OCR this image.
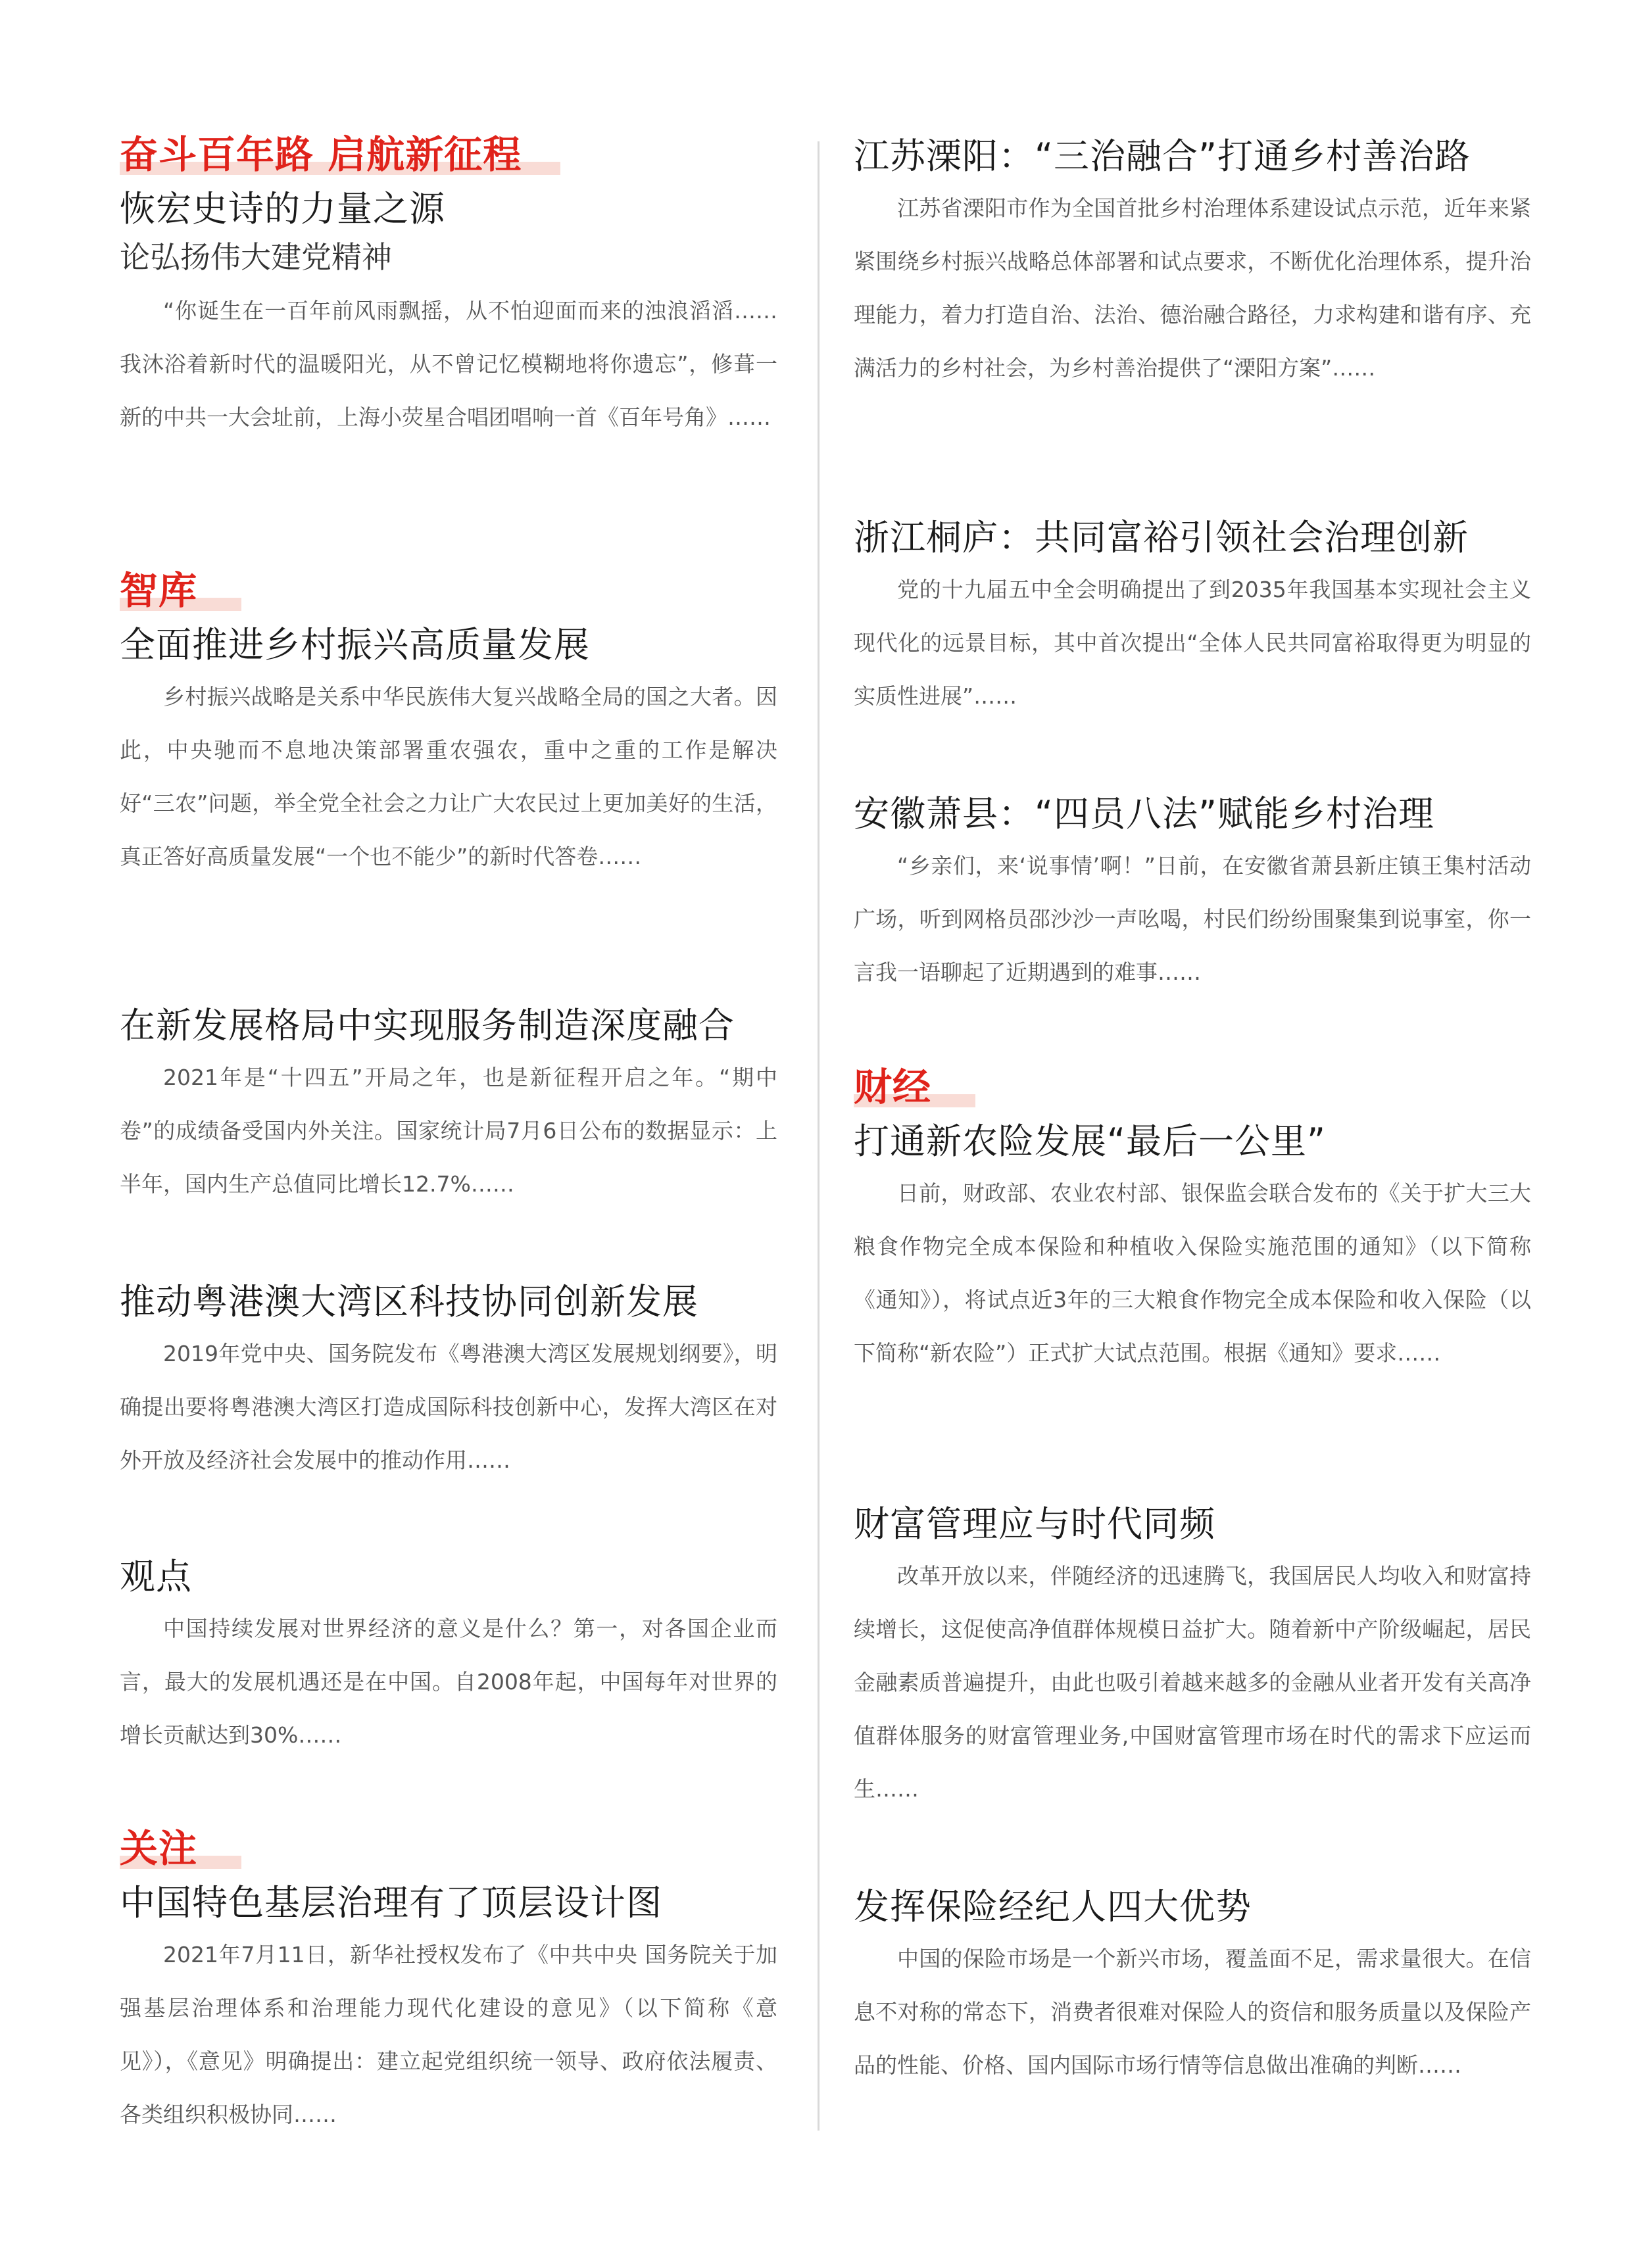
奋斗百年路 启航新征程
恢宏史诗的力量之源
论弘扬伟大建党精神

“你诞生在一百年前风雨飘摇，从不怕迎面而来的浊浪滔滔……我沐浴着新时代的温暖阳光，从不曾记忆模糊地将你遗忘”，修葺一新的中共一大会址前，上海小荧星合唱团唱响一首《百年号角》……

智库
全面推进乡村振兴高质量发展

乡村振兴战略是关系中华民族伟大复兴战略全局的国之大者。因此，中央驰而不息地决策部署重农强农，重中之重的工作是解决好“三农”问题，举全党全社会之力让广大农民过上更加美好的生活，真正答好高质量发展“一个也不能少”的新时代答卷……

在新发展格局中实现服务制造深度融合

2021年是“十四五”开局之年，也是新征程开启之年。“期中卷”的成绩备受国内外关注。国家统计局7月6日公布的数据显示：上半年，国内生产总值同比增长12.7%……

推动粤港澳大湾区科技协同创新发展

2019年党中央、国务院发布《粤港澳大湾区发展规划纲要》，明确提出要将粤港澳大湾区打造成国际科技创新中心，发挥大湾区在对外开放及经济社会发展中的推动作用……

观点

中国持续发展对世界经济的意义是什么？第一，对各国企业而言，最大的发展机遇还是在中国。自2008年起，中国每年对世界的增长贡献达到30%……

关注
中国特色基层治理有了顶层设计图

2021年7月11日，新华社授权发布了《中共中央 国务院关于加强基层治理体系和治理能力现代化建设的意见》（以下简称《意见》），《意见》明确提出：建立起党组织统一领导、政府依法履责、各类组织积极协同……

江苏溧阳：“三治融合”打通乡村善治路

江苏省溧阳市作为全国首批乡村治理体系建设试点示范，近年来紧紧围绕乡村振兴战略总体部署和试点要求，不断优化治理体系，提升治理能力，着力打造自治、法治、德治融合路径，力求构建和谐有序、充满活力的乡村社会，为乡村善治提供了“溧阳方案”……

浙江桐庐：共同富裕引领社会治理创新

党的十九届五中全会明确提出了到2035年我国基本实现社会主义现代化的远景目标，其中首次提出“全体人民共同富裕取得更为明显的实质性进展”……

安徽萧县：“四员八法”赋能乡村治理

“乡亲们，来‘说事情’啊！”日前，在安徽省萧县新庄镇王集村活动广场，听到网格员邵沙沙一声吆喝，村民们纷纷围聚集到说事室，你一言我一语聊起了近期遇到的难事……

财经
打通新农险发展“最后一公里”

日前，财政部、农业农村部、银保监会联合发布的《关于扩大三大粮食作物完全成本保险和种植收入保险实施范围的通知》（以下简称《通知》），将试点近3年的三大粮食作物完全成本保险和收入保险（以下简称“新农险”）正式扩大试点范围。根据《通知》要求……

财富管理应与时代同频

改革开放以来，伴随经济的迅速腾飞，我国居民人均收入和财富持续增长，这促使高净值群体规模日益扩大。随着新中产阶级崛起，居民金融素质普遍提升，由此也吸引着越来越多的金融从业者开发有关高净值群体服务的财富管理业务,中国财富管理市场在时代的需求下应运而生……

发挥保险经纪人四大优势

中国的保险市场是一个新兴市场，覆盖面不足，需求量很大。在信息不对称的常态下，消费者很难对保险人的资信和服务质量以及保险产品的性能、价格、国内国际市场行情等信息做出准确的判断……
